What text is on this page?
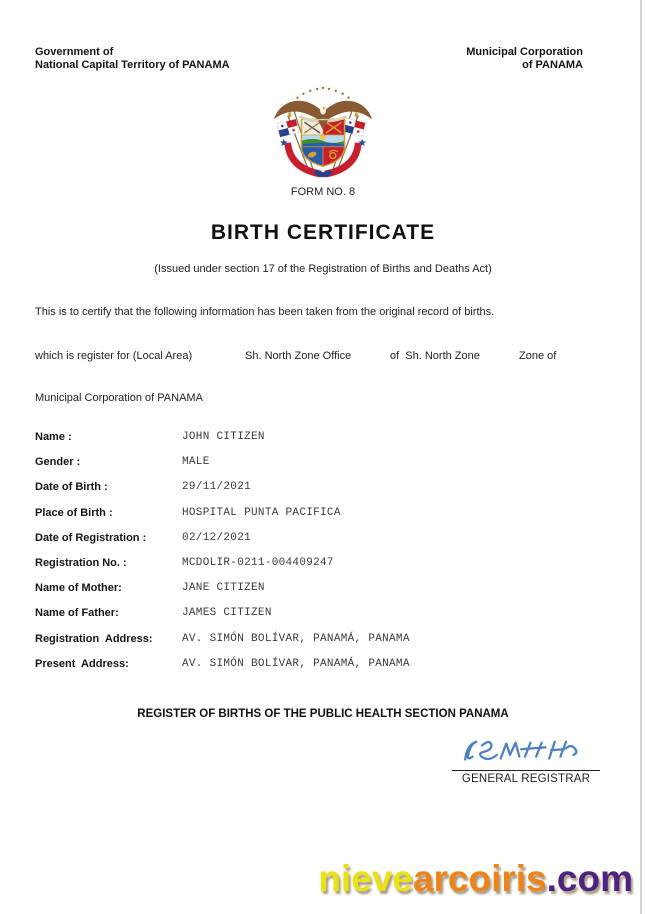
Government of
National Capital Territory of PANAMA
Municipal Corporation
of PANAMA
FORM NO. 8
BIRTH CERTIFICATE
(Issued under section 17 of the Registration of Births and Deaths Act)
This is to certify that the following information has been taken from the original record of births.
which is register for (Local Area)	Sh. North Zone Office	of  Sh. North Zone	Zone of
Municipal Corporation of PANAMA
Name :	JOHN CITIZEN
Gender :	MALE
Date of Birth :	29/11/2021
Place of Birth :	HOSPITAL PUNTA PACIFICA
Date of Registration :	02/12/2021
Registration No. :	MCDOLIR-0211-004409247
Name of Mother:	JANE CITIZEN
Name of Father:	JAMES CITIZEN
Registration  Address:	AV. SIMÓN BOLÍVAR, PANAMÁ, PANAMA
Present  Address:	AV. SIMÓN BOLÍVAR, PANAMÁ, PANAMA
REGISTER OF BIRTHS OF THE PUBLIC HEALTH SECTION PANAMA
GENERAL REGISTRAR
nievearcoiris.com
